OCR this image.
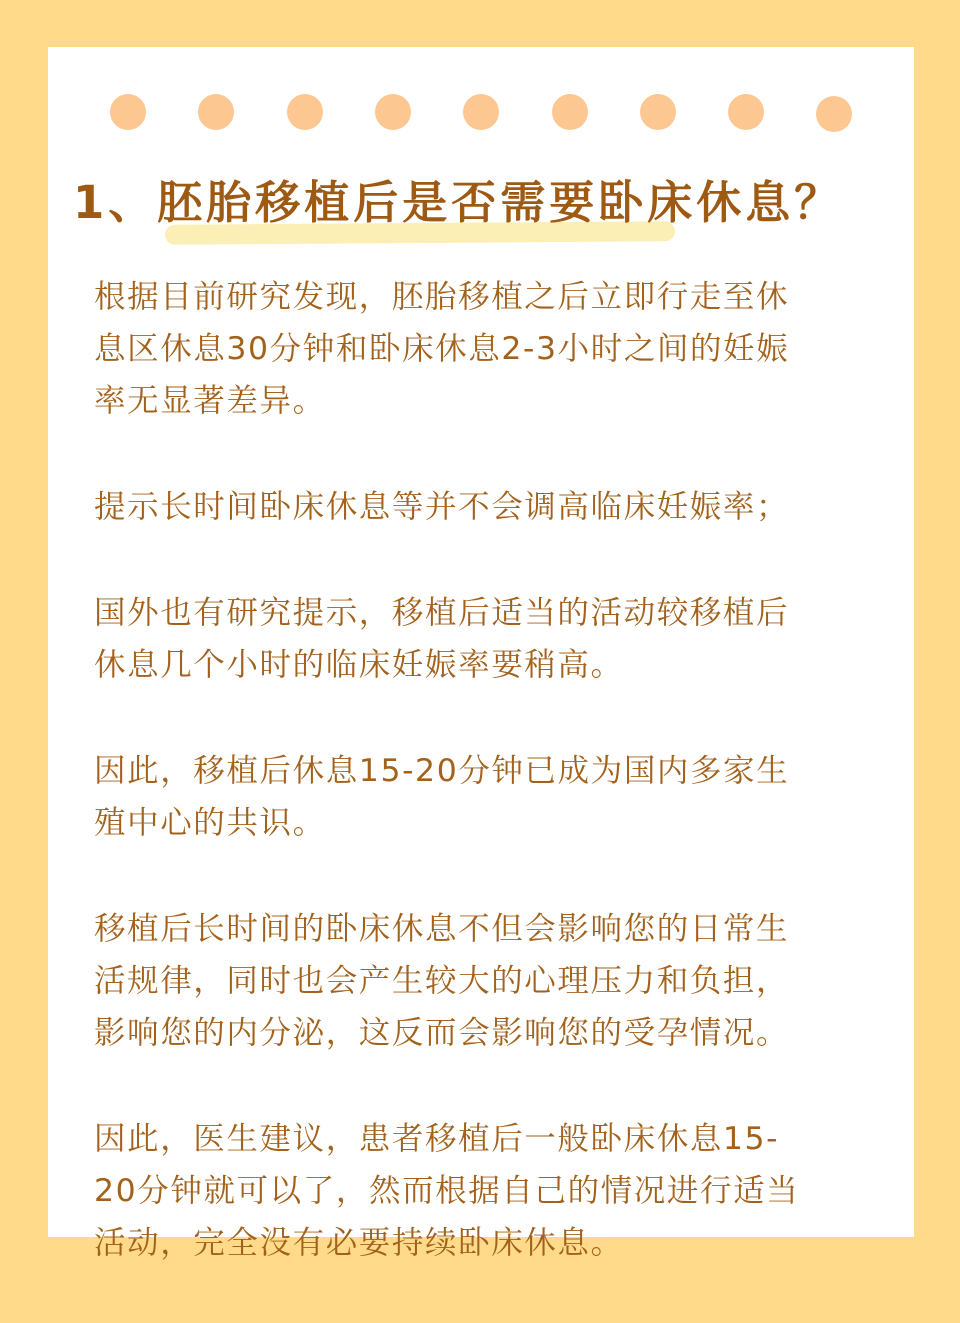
1、胚胎移植后是否需要卧床休息？

根据目前研究发现，胚胎移植之后立即行走至休
息区休息30分钟和卧床休息2-3小时之间的妊娠
率无显著差异。

提示长时间卧床休息等并不会调高临床妊娠率；

国外也有研究提示，移植后适当的活动较移植后
休息几个小时的临床妊娠率要稍高。

因此，移植后休息15-20分钟已成为国内多家生
殖中心的共识。

移植后长时间的卧床休息不但会影响您的日常生
活规律，同时也会产生较大的心理压力和负担，
影响您的内分泌，这反而会影响您的受孕情况。

因此，医生建议，患者移植后一般卧床休息15-
20分钟就可以了，然而根据自己的情况进行适当
活动，完全没有必要持续卧床休息。
